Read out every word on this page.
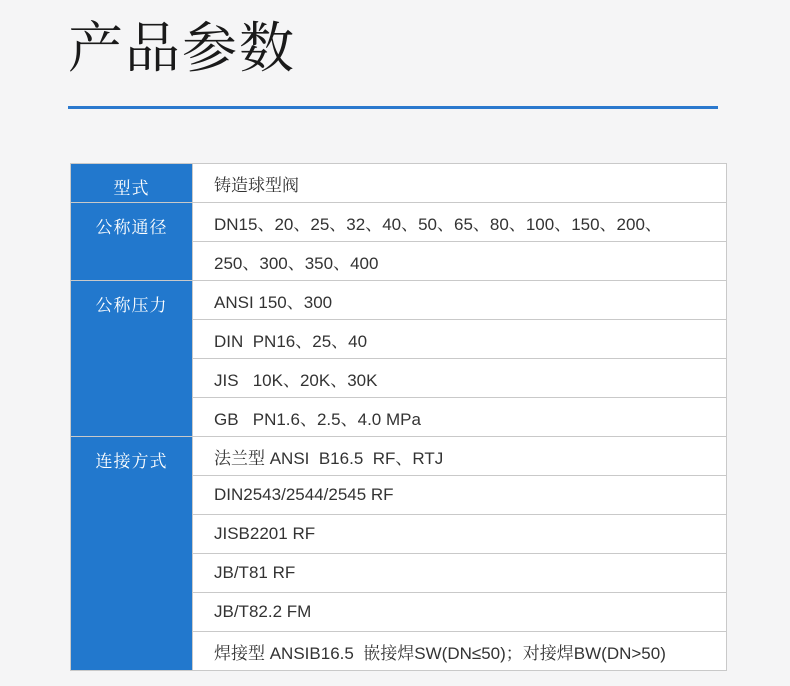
产品参数
型式	铸造球型阀
公称通径	DN15、20、25、32、40、50、65、80、100、150、200、
	250、300、350、400
公称压力	ANSI 150、300
	DIN  PN16、25、40
	JIS   10K、20K、30K
	GB   PN1.6、2.5、4.0 MPa
连接方式	法兰型 ANSI  B16.5  RF、RTJ
	DIN2543/2544/2545 RF
	JISB2201 RF
	JB/T81 RF
	JB/T82.2 FM
	焊接型 ANSIB16.5  嵌接焊SW(DN≤50)；对接焊BW(DN>50)
